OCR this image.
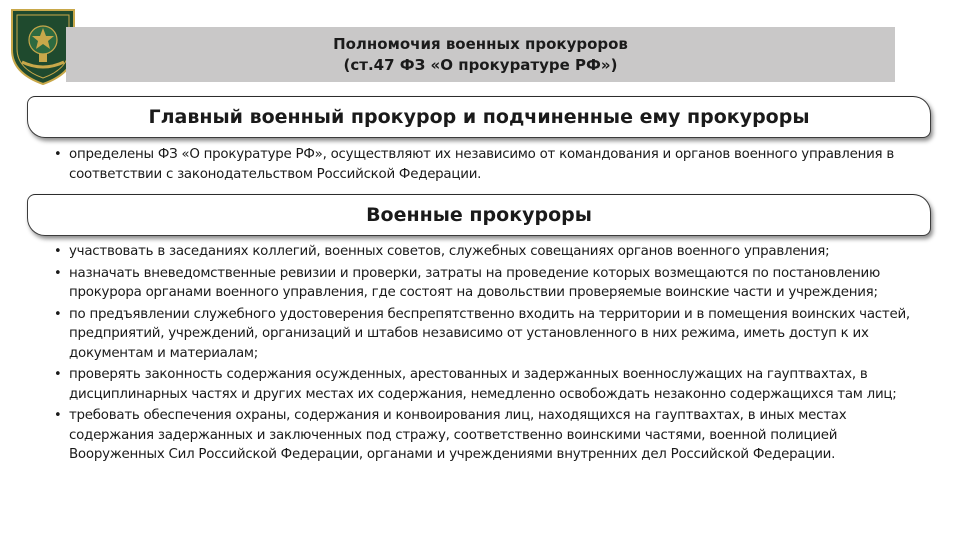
Полномочия военных прокуроров
(ст.47 ФЗ «О прокуратуре РФ»)
Главный военный прокурор и подчиненные ему прокуроры
• определены ФЗ «О прокуратуре РФ», осуществляют их независимо от командования и органов военного управления в соответствии с законодательством Российской Федерации.
Военные прокуроры
• участвовать в заседаниях коллегий, военных советов, служебных совещаниях органов военного управления;
• назначать вневедомственные ревизии и проверки, затраты на проведение которых возмещаются по постановлению прокурора органами военного управления, где состоят на довольствии проверяемые воинские части и учреждения;
• по предъявлении служебного удостоверения беспрепятственно входить на территории и в помещения воинских частей, предприятий, учреждений, организаций и штабов независимо от установленного в них режима, иметь доступ к их документам и материалам;
• проверять законность содержания осужденных, арестованных и задержанных военнослужащих на гауптвахтах, в дисциплинарных частях и других местах их содержания, немедленно освобождать незаконно содержащихся там лиц;
• требовать обеспечения охраны, содержания и конвоирования лиц, находящихся на гауптвахтах, в иных местах содержания задержанных и заключенных под стражу, соответственно воинскими частями, военной полицией Вооруженных Сил Российской Федерации, органами и учреждениями внутренних дел Российской Федерации.
